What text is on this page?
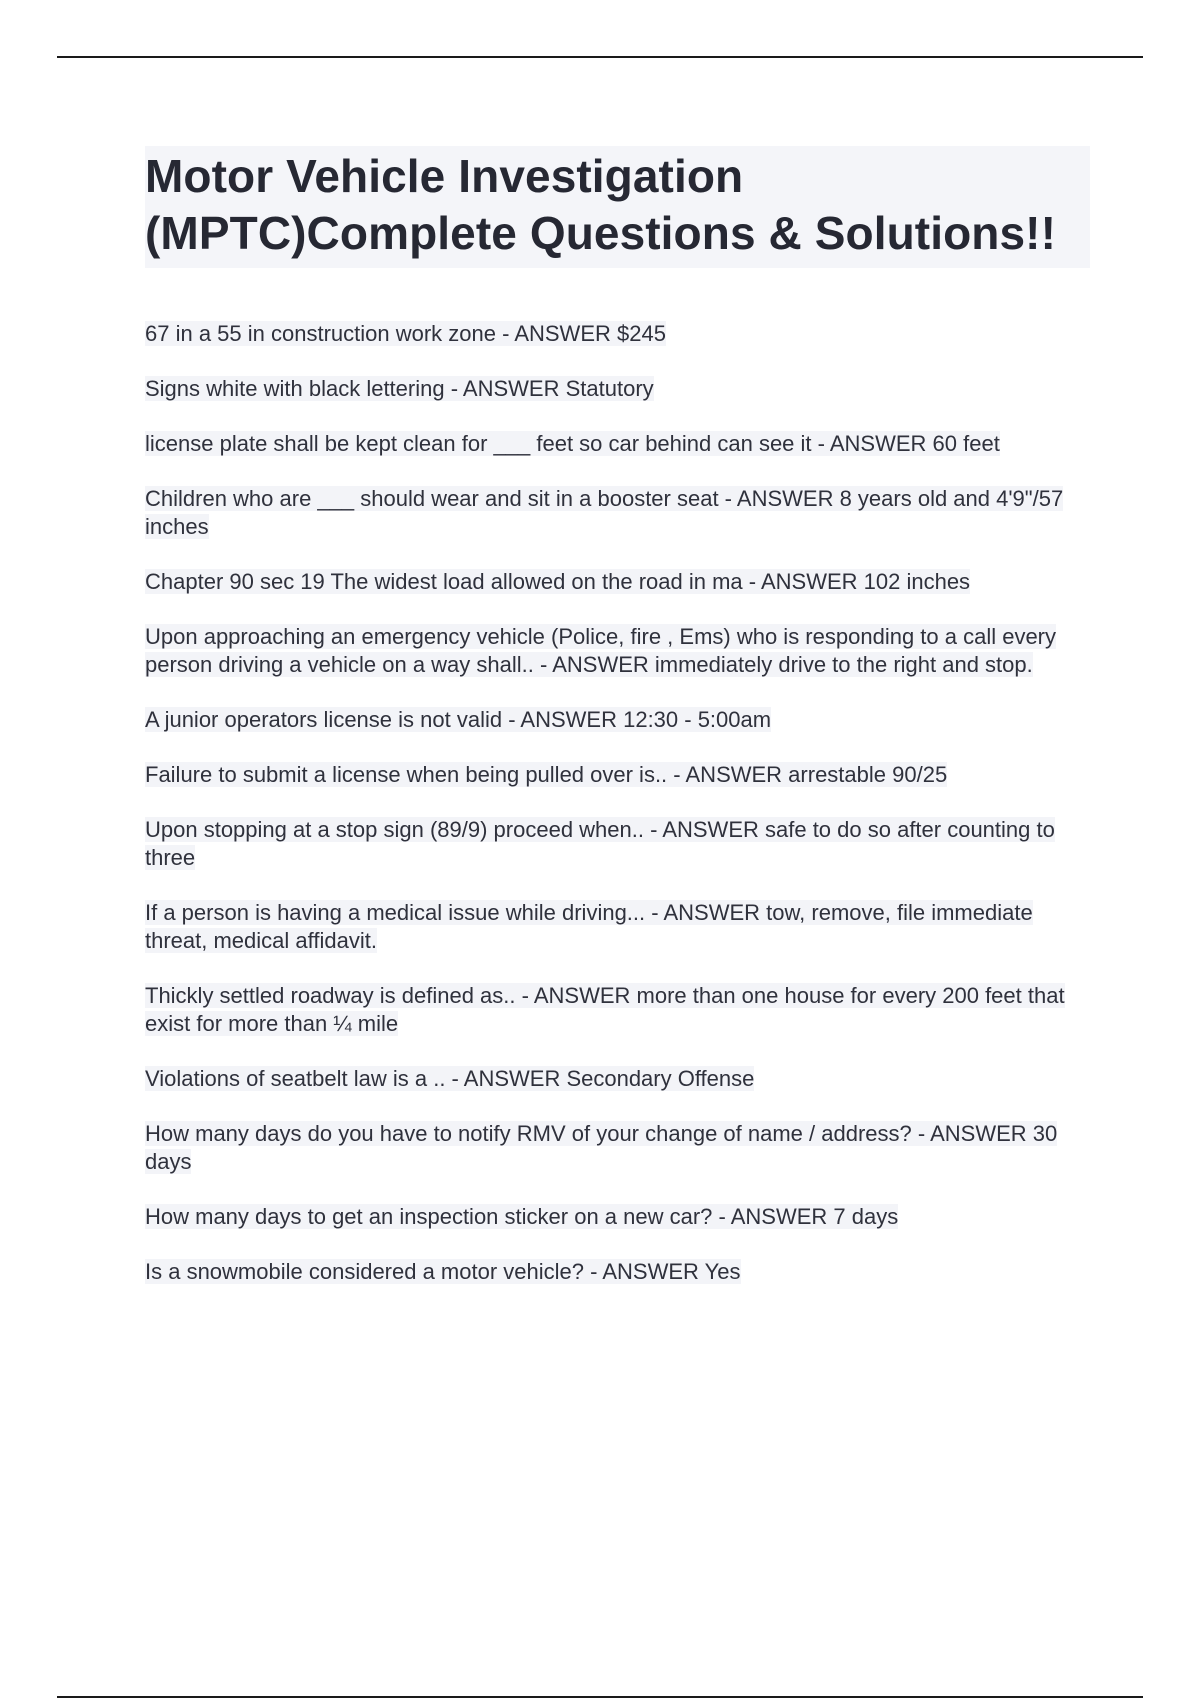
Motor Vehicle Investigation (MPTC)Complete Questions & Solutions!!
67 in a 55 in construction work zone - ANSWER $245
Signs white with black lettering - ANSWER Statutory
license plate shall be kept clean for ___ feet so car behind can see it - ANSWER 60 feet
Children who are ___ should wear and sit in a booster seat - ANSWER 8 years old and 4'9"/57 inches
Chapter 90 sec 19 The widest load allowed on the road in ma - ANSWER 102 inches
Upon approaching an emergency vehicle (Police, fire , Ems) who is responding to a call every person driving a vehicle on a way shall.. - ANSWER immediately drive to the right and stop.
A junior operators license is not valid - ANSWER 12:30 - 5:00am
Failure to submit a license when being pulled over is.. - ANSWER arrestable 90/25
Upon stopping at a stop sign (89/9) proceed when.. - ANSWER safe to do so after counting to three
If a person is having a medical issue while driving... - ANSWER tow, remove, file immediate threat, medical affidavit.
Thickly settled roadway is defined as.. - ANSWER more than one house for every 200 feet that exist for more than ¼ mile
Violations of seatbelt law is a .. - ANSWER Secondary Offense
How many days do you have to notify RMV of your change of name / address? - ANSWER 30 days
How many days to get an inspection sticker on a new car? - ANSWER 7 days
Is a snowmobile considered a motor vehicle? - ANSWER Yes
